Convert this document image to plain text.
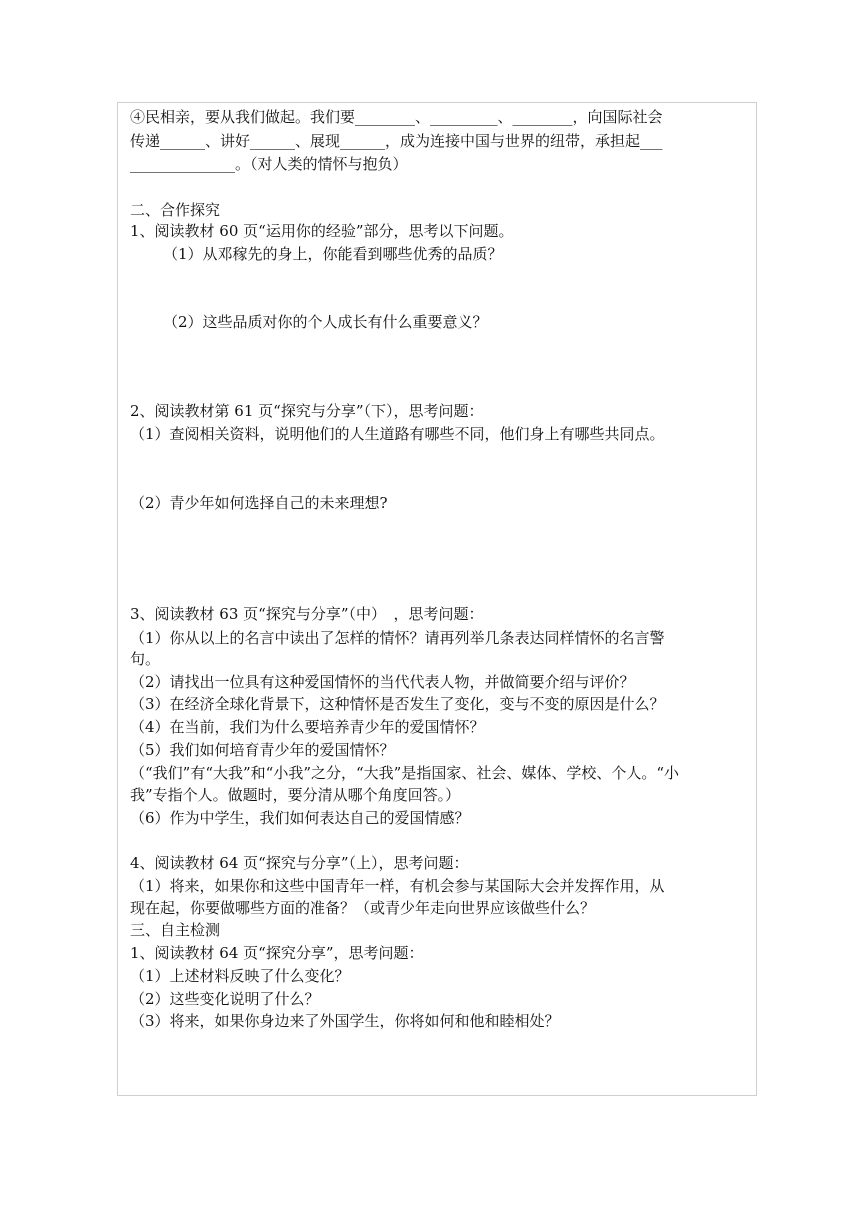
④民相亲，要从我们做起。我们要________、_________、________，向国际社会
传递______、讲好______、展现______，成为连接中国与世界的纽带，承担起___
______________。（对人类的情怀与抱负）
二、合作探究
1、阅读教材 60 页“运用你的经验”部分，思考以下问题。
（1）从邓稼先的身上，你能看到哪些优秀的品质？
（2）这些品质对你的个人成长有什么重要意义？
2、阅读教材第 61 页“探究与分享”（下），思考问题：
（1）查阅相关资料，说明他们的人生道路有哪些不同，他们身上有哪些共同点。
（2）青少年如何选择自己的未来理想?
3、阅读教材 63 页“探究与分享”（中）　，思考问题：
（1）你从以上的名言中读出了怎样的情怀？请再列举几条表达同样情怀的名言警
句。
（2）请找出一位具有这种爱国情怀的当代代表人物，并做简要介绍与评价？
（3）在经济全球化背景下，这种情怀是否发生了变化，变与不变的原因是什么？
（4）在当前，我们为什么要培养青少年的爱国情怀？
（5）我们如何培育青少年的爱国情怀？
（“我们”有“大我”和“小我”之分，“大我”是指国家、社会、媒体、学校、个人。“小
我”专指个人。做题时，要分清从哪个角度回答。）
（6）作为中学生，我们如何表达自己的爱国情感？
4、阅读教材 64 页“探究与分享”（上），思考问题：
（1）将来，如果你和这些中国青年一样，有机会参与某国际大会并发挥作用，从
现在起，你要做哪些方面的准备？（或青少年走向世界应该做些什么？
三、自主检测
1、阅读教材 64 页“探究分享”，思考问题：
（1）上述材料反映了什么变化？
（2）这些变化说明了什么？
（3）将来，如果你身边来了外国学生，你将如何和他和睦相处？
